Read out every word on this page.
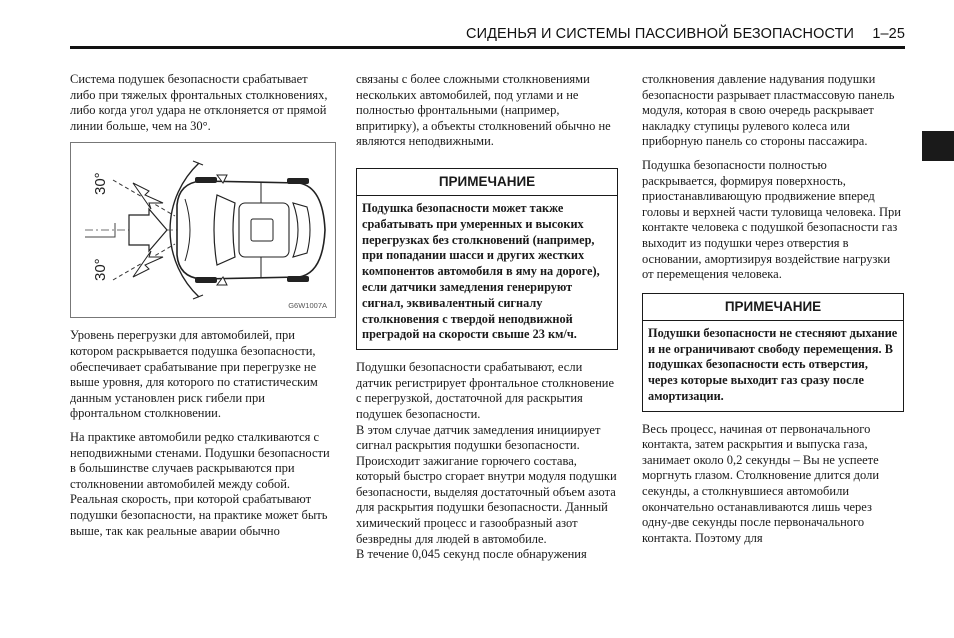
СИДЕНЬЯ И СИСТЕМЫ ПАССИВНОЙ БЕЗОПАСНОСТИ 1–25

Система подушек безопасности срабатывает либо при тяжелых фронтальных столкновениях, либо когда угол удара не отклоняется от прямой линии больше, чем на 30°.

30°
30°
G6W1007A

Уровень перегрузки для автомобилей, при котором раскрывается подушка безопасности, обеспечивает срабатывание при перегрузке не выше уровня, для которого по статистическим данным установлен риск гибели при фронтальном столкновении.

На практике автомобили редко сталкиваются с неподвижными стенами. Подушки безопасности в большинстве случаев раскрываются при столкновении автомобилей между собой. Реальная скорость, при которой срабатывают подушки безопасности, на практике может быть выше, так как реальные аварии обычно

связаны с более сложными столкновениями нескольких автомобилей, под углами и не полностью фронтальными (например, впритирку), а объекты столкновений обычно не являются неподвижными.

ПРИМЕЧАНИЕ
Подушка безопасности может также срабатывать при умеренных и высоких перегрузках без столкновений (например, при попадании шасси и других жестких компонентов автомобиля в яму на дороге), если датчики замедления генерируют сигнал, эквивалентный сигналу столкновения с твердой неподвижной преградой на скорости свыше 23 км/ч.

Подушки безопасности срабатывают, если датчик регистрирует фронтальное столкновение с перегрузкой, достаточной для раскрытия подушек безопасности.

В этом случае датчик замедления инициирует сигнал раскрытия подушки безопасности. Происходит зажигание горючего состава, который быстро сгорает внутри модуля подушки безопасности, выделяя достаточный объем азота для раскрытия подушки безопасности. Данный химический процесс и газообразный азот безвредны для людей в автомобиле.

В течение 0,045 секунд после обнаружения

столкновения давление надувания подушки безопасности разрывает пластмассовую панель модуля, которая в свою очередь раскрывает накладку ступицы рулевого колеса или приборную панель со стороны пассажира.

Подушка безопасности полностью раскрывается, формируя поверхность, приостанавливающую продвижение вперед головы и верхней части туловища человека. При контакте человека с подушкой безопасности газ выходит из подушки через отверстия в основании, амортизируя воздействие нагрузки от перемещения человека.

ПРИМЕЧАНИЕ
Подушки безопасности не стесняют дыхание и не ограничивают свободу перемещения. В подушках безопасности есть отверстия, через которые выходит газ сразу после амортизации.

Весь процесс, начиная от первоначального контакта, затем раскрытия и выпуска газа, занимает около 0,2 секунды – Вы не успеете моргнуть глазом. Столкновение длится доли секунды, а столкнувшиеся автомобили окончательно останавливаются лишь через одну-две секунды после первоначального контакта. Поэтому для
